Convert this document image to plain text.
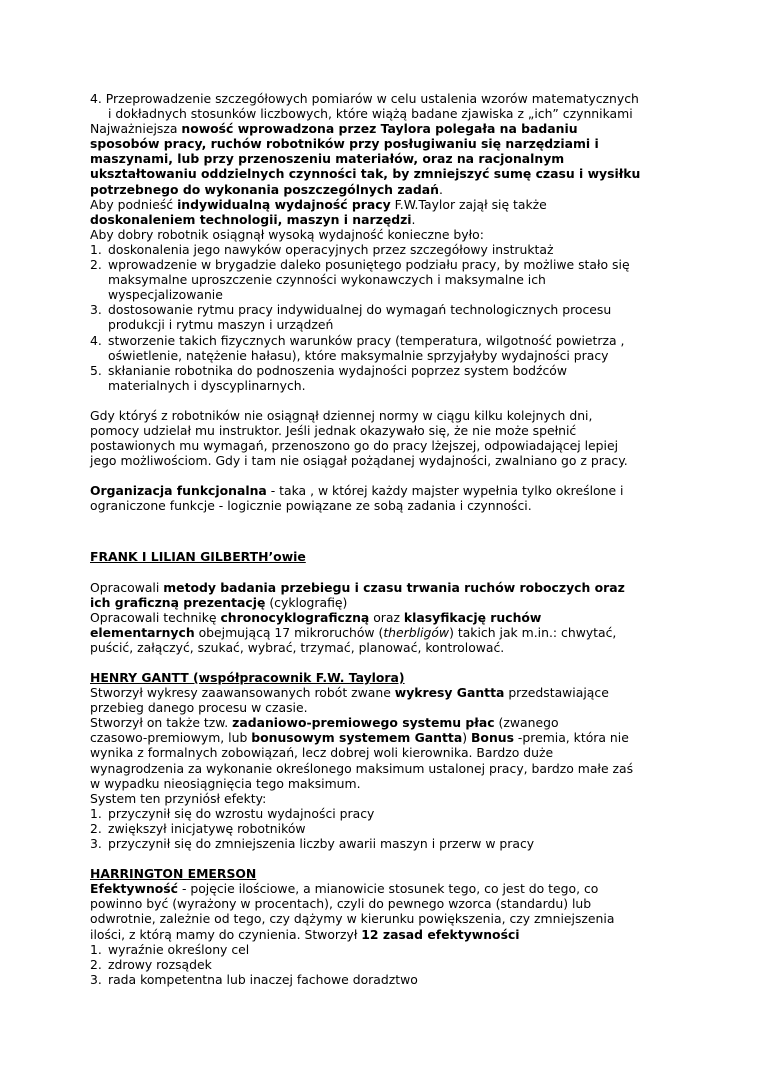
4. Przeprowadzenie szczegółowych pomiarów w celu ustalenia wzorów matematycznych
i dokładnych stosunków liczbowych, które wiążą badane zjawiska z „ich” czynnikami
Najważniejsza nowość wprowadzona przez Taylora polegała na badaniu
sposobów pracy, ruchów robotników przy posługiwaniu się narzędziami i
maszynami, lub przy przenoszeniu materiałów, oraz na racjonalnym
ukształtowaniu oddzielnych czynności tak, by zmniejszyć sumę czasu i wysiłku
potrzebnego do wykonania poszczególnych zadań.
Aby podnieść indywidualną wydajność pracy F.W.Taylor zajął się także
doskonaleniem technologii, maszyn i narzędzi.
Aby dobry robotnik osiągnął wysoką wydajność konieczne było:
1. doskonalenia jego nawyków operacyjnych przez szczegółowy instruktaż
2. wprowadzenie w brygadzie daleko posuniętego podziału pracy, by możliwe stało się
maksymalne uproszczenie czynności wykonawczych i maksymalne ich
wyspecjalizowanie
3. dostosowanie rytmu pracy indywidualnej do wymagań technologicznych procesu
produkcji i rytmu maszyn i urządzeń
4. stworzenie takich fizycznych warunków pracy (temperatura, wilgotność powietrza ,
oświetlenie, natężenie hałasu), które maksymalnie sprzyjałyby wydajności pracy
5. skłanianie robotnika do podnoszenia wydajności poprzez system bodźców
materialnych i dyscyplinarnych.
Gdy któryś z robotników nie osiągnął dziennej normy w ciągu kilku kolejnych dni,
pomocy udzielał mu instruktor. Jeśli jednak okazywało się, że nie może spełnić
postawionych mu wymagań, przenoszono go do pracy lżejszej, odpowiadającej lepiej
jego możliwościom. Gdy i tam nie osiągał pożądanej wydajności, zwalniano go z pracy.
Organizacja funkcjonalna - taka , w której każdy majster wypełnia tylko określone i
ograniczone funkcje - logicznie powiązane ze sobą zadania i czynności.
FRANK I LILIAN GILBERTH’owie
Opracowali metody badania przebiegu i czasu trwania ruchów roboczych oraz
ich graficzną prezentację (cyklografię)
Opracowali technikę chronocyklograficzną oraz klasyfikację ruchów
elementarnych obejmującą 17 mikroruchów (therbligów) takich jak m.in.: chwytać,
puścić, załączyć, szukać, wybrać, trzymać, planować, kontrolować.
HENRY GANTT (współpracownik F.W. Taylora)
Stworzył wykresy zaawansowanych robót zwane wykresy Gantta przedstawiające
przebieg danego procesu w czasie.
Stworzył on także tzw. zadaniowo-premiowego systemu płac (zwanego
czasowo-premiowym, lub bonusowym systemem Gantta) Bonus -premia, która nie
wynika z formalnych zobowiązań, lecz dobrej woli kierownika. Bardzo duże
wynagrodzenia za wykonanie określonego maksimum ustalonej pracy, bardzo małe zaś
w wypadku nieosiągnięcia tego maksimum.
System ten przyniósł efekty:
1. przyczynił się do wzrostu wydajności pracy
2. zwiększył inicjatywę robotników
3. przyczynił się do zmniejszenia liczby awarii maszyn i przerw w pracy
HARRINGTON EMERSON
Efektywność - pojęcie ilościowe, a mianowicie stosunek tego, co jest do tego, co
powinno być (wyrażony w procentach), czyli do pewnego wzorca (standardu) lub
odwrotnie, zależnie od tego, czy dążymy w kierunku powiększenia, czy zmniejszenia
ilości, z którą mamy do czynienia. Stworzył 12 zasad efektywności
1. wyraźnie określony cel
2. zdrowy rozsądek
3. rada kompetentna lub inaczej fachowe doradztwo
